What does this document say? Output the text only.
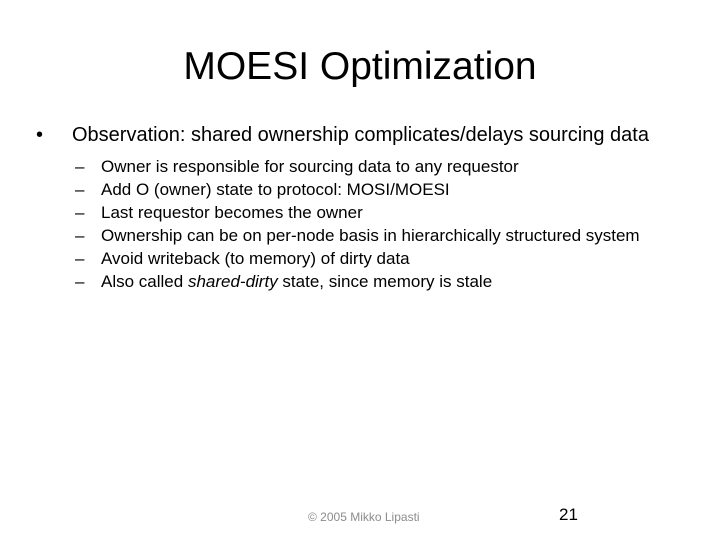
MOESI Optimization
•	Observation: shared ownership complicates/delays sourcing data
– Owner is responsible for sourcing data to any requestor
– Add O (owner) state to protocol: MOSI/MOESI
– Last requestor becomes the owner
– Ownership can be on per-node basis in hierarchically structured system
– Avoid writeback (to memory) of dirty data
– Also called shared-dirty state, since memory is stale
© 2005 Mikko Lipasti	21
